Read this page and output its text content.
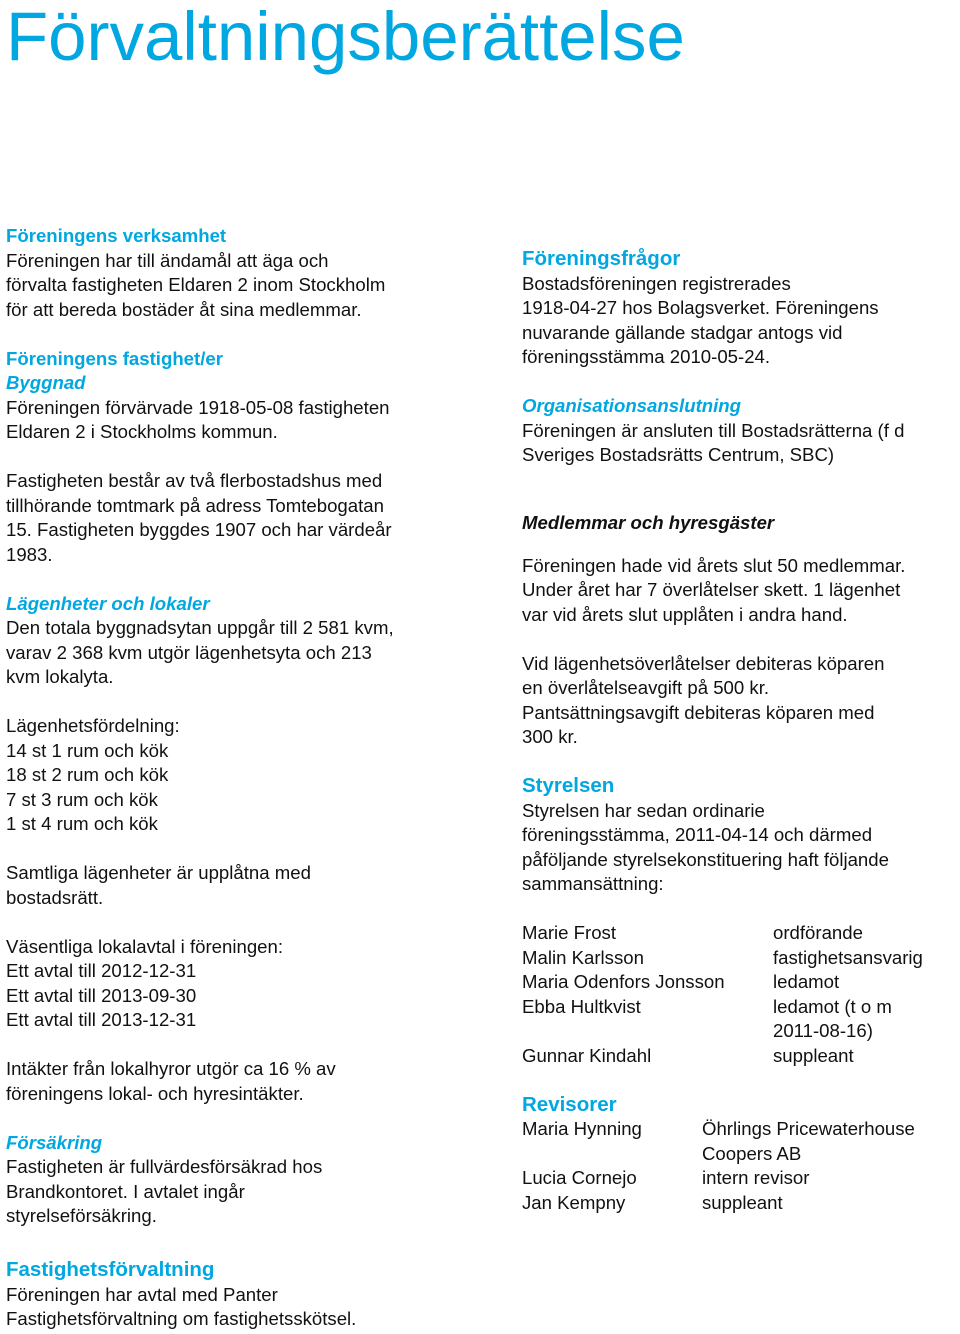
Förvaltningsberättelse

Föreningens verksamhet

Föreningen har till ändamål att äga och
förvalta fastigheten Eldaren 2 inom Stockholm
för att bereda bostäder åt sina medlemmar.

Föreningens fastighet/er

Byggnad

Föreningen förvärvade 1918-05-08 fastigheten
Eldaren 2 i Stockholms kommun.

Fastigheten består av två flerbostadshus med
tillhörande tomtmark på adress Tomtebogatan
15. Fastigheten byggdes 1907 och har värdeår
1983.

Lägenheter och lokaler

Den totala byggnadsytan uppgår till 2 581 kvm,
varav 2 368 kvm utgör lägenhetsyta och 213
kvm lokalyta.

Lägenhetsfördelning:
14 st 1 rum och kök
18 st 2 rum och kök
7 st 3 rum och kök
1 st 4 rum och kök

Samtliga lägenheter är upplåtna med
bostadsrätt.

Väsentliga lokalavtal i föreningen:
Ett avtal till 2012-12-31
Ett avtal till 2013-09-30
Ett avtal till 2013-12-31

Intäkter från lokalhyror utgör ca 16 % av
föreningens lokal- och hyresintäkter.

Försäkring

Fastigheten är fullvärdesförsäkrad hos
Brandkontoret. I avtalet ingår
styrelseförsäkring.

Fastighetsförvaltning

Föreningen har avtal med Panter
Fastighetsförvaltning om fastighetsskötsel.

Föreningsfrågor

Bostadsföreningen registrerades
1918-04-27 hos Bolagsverket. Föreningens
nuvarande gällande stadgar antogs vid
föreningsstämma 2010-05-24.

Organisationsanslutning

Föreningen är ansluten till Bostadsrätterna (f d
Sveriges Bostadsrätts Centrum, SBC)

Medlemmar och hyresgäster

Föreningen hade vid årets slut 50 medlemmar.
Under året har 7 överlåtelser skett. 1 lägenhet
var vid årets slut upplåten i andra hand.

Vid lägenhetsöverlåtelser debiteras köparen
en överlåtelseavgift på 500 kr.
Pantsättningsavgift debiteras köparen med
300 kr.

Styrelsen

Styrelsen har sedan ordinarie
föreningsstämma, 2011-04-14 och därmed
påföljande styrelsekonstituering haft följande
sammansättning:

Marie Frost	ordförande
Malin Karlsson	fastighetsansvarig
Maria Odenfors Jonsson	ledamot
Ebba Hultkvist	ledamot (t o m
2011-08-16)
Gunnar Kindahl	suppleant

Revisorer

Maria Hynning	Öhrlings Pricewaterhouse
Coopers AB
Lucia Cornejo	intern revisor
Jan Kempny	suppleant
